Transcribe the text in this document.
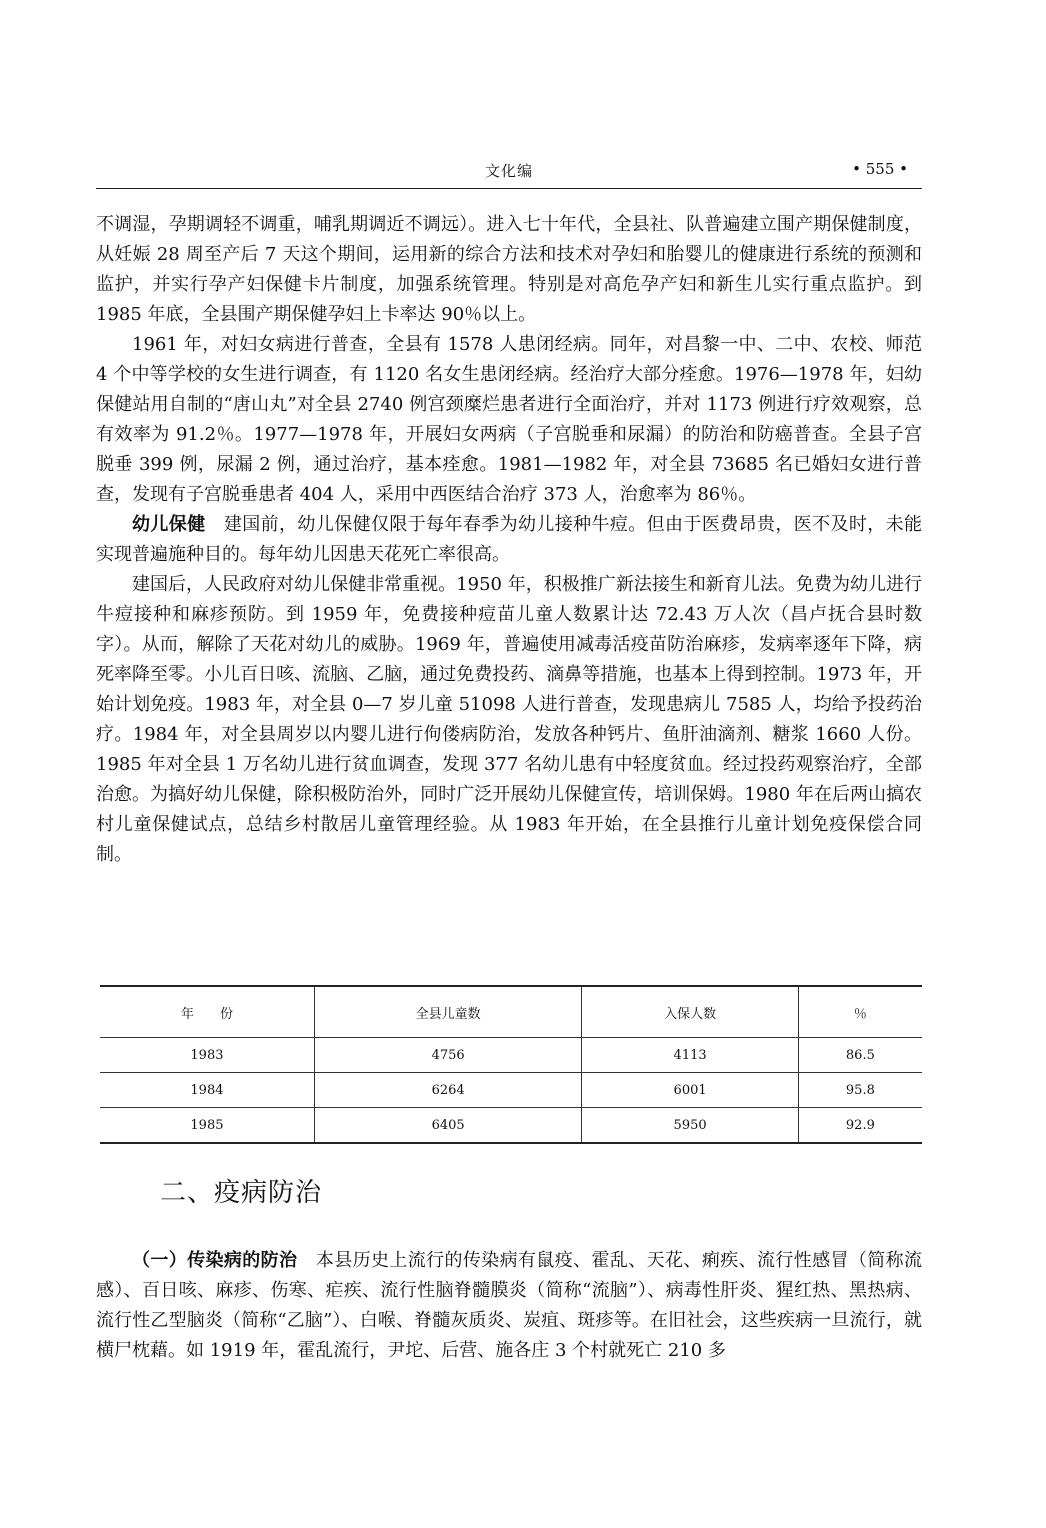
文化编	• 555 •

不调湿，孕期调轻不调重，哺乳期调近不调远）。进入七十年代，全县社、队普遍建立围产期保健制度，从妊娠 28 周至产后 7 天这个期间，运用新的综合方法和技术对孕妇和胎婴儿的健康进行系统的预测和监护，并实行孕产妇保健卡片制度，加强系统管理。特别是对高危孕产妇和新生儿实行重点监护。到 1985 年底，全县围产期保健孕妇上卡率达 90％以上。

1961 年，对妇女病进行普查，全县有 1578 人患闭经病。同年，对昌黎一中、二中、农校、师范 4 个中等学校的女生进行调查，有 1120 名女生患闭经病。经治疗大部分痊愈。1976—1978 年，妇幼保健站用自制的“唐山丸”对全县 2740 例宫颈糜烂患者进行全面治疗，并对 1173 例进行疗效观察，总有效率为 91.2％。1977—1978 年，开展妇女两病（子宫脱垂和尿漏）的防治和防癌普查。全县子宫脱垂 399 例，尿漏 2 例，通过治疗，基本痊愈。1981—1982 年，对全县 73685 名已婚妇女进行普查，发现有子宫脱垂患者 404 人，采用中西医结合治疗 373 人，治愈率为 86％。

幼儿保健　建国前，幼儿保健仅限于每年春季为幼儿接种牛痘。但由于医费昂贵，医不及时，未能实现普遍施种目的。每年幼儿因患天花死亡率很高。

建国后，人民政府对幼儿保健非常重视。1950 年，积极推广新法接生和新育儿法。免费为幼儿进行牛痘接种和麻疹预防。到 1959 年，免费接种痘苗儿童人数累计达 72.43 万人次（昌卢抚合县时数字）。从而，解除了天花对幼儿的威胁。1969 年，普遍使用减毒活疫苗防治麻疹，发病率逐年下降，病死率降至零。小儿百日咳、流脑、乙脑，通过免费投药、滴鼻等措施，也基本上得到控制。1973 年，开始计划免疫。1983 年，对全县 0—7 岁儿童 51098 人进行普查，发现患病儿 7585 人，均给予投药治疗。1984 年，对全县周岁以内婴儿进行佝偻病防治，发放各种钙片、鱼肝油滴剂、糖浆 1660 人份。1985 年对全县 1 万名幼儿进行贫血调查，发现 377 名幼儿患有中轻度贫血。经过投药观察治疗，全部治愈。为搞好幼儿保健，除积极防治外，同时广泛开展幼儿保健宣传，培训保姆。1980 年在后两山搞农村儿童保健试点，总结乡村散居儿童管理经验。从 1983 年开始，在全县推行儿童计划免疫保偿合同制。

年　　份	全县儿童数	入保人数	％
1983	4756	4113	86.5
1984	6264	6001	95.8
1985	6405	5950	92.9
二、疫病防治

（一）传染病的防治　本县历史上流行的传染病有鼠疫、霍乱、天花、痢疾、流行性感冒（简称流感）、百日咳、麻疹、伤寒、疟疾、流行性脑脊髓膜炎（简称“流脑”）、病毒性肝炎、猩红热、黑热病、流行性乙型脑炎（简称“乙脑”）、白喉、脊髓灰质炎、炭疽、斑疹等。在旧社会，这些疾病一旦流行，就横尸枕藉。如 1919 年，霍乱流行，尹坨、后营、施各庄 3 个村就死亡 210 多
